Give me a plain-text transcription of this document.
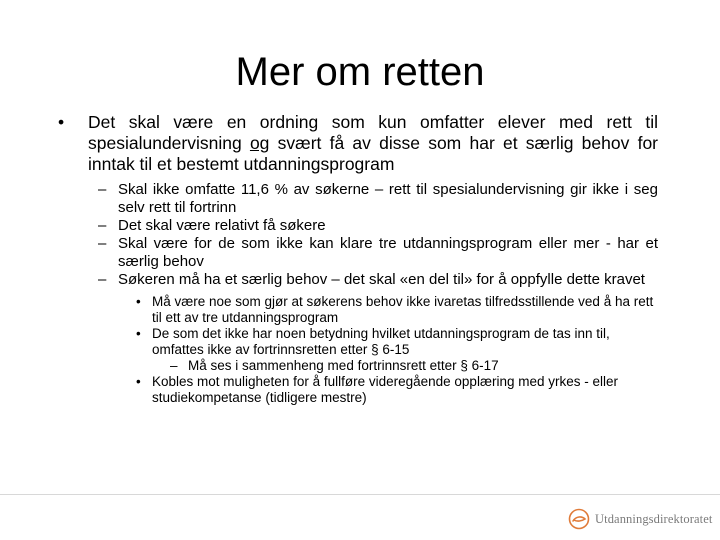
Mer om retten
• Det skal være en ordning som kun omfatter elever med rett til spesialundervisning og svært få av disse som har et særlig behov for inntak til et bestemt utdanningsprogram
– Skal ikke omfatte 11,6 % av søkerne – rett til spesialundervisning gir ikke i seg selv rett til fortrinn
– Det skal være relativt få søkere
– Skal være for de som ikke kan klare tre utdanningsprogram eller mer - har et særlig behov
– Søkeren må ha et særlig behov – det skal «en del til» for å oppfylle dette kravet
• Må være noe som gjør at søkerens behov ikke ivaretas tilfredsstillende ved å ha rett til ett av tre utdanningsprogram
• De som det ikke har noen betydning hvilket utdanningsprogram de tas inn til, omfattes ikke av fortrinnsretten etter § 6-15
– Må ses i sammenheng med fortrinnsrett etter § 6-17
• Kobles mot muligheten for å fullføre videregående opplæring med yrkes - eller studiekompetanse (tidligere mestre)
Utdanningsdirektoratet
